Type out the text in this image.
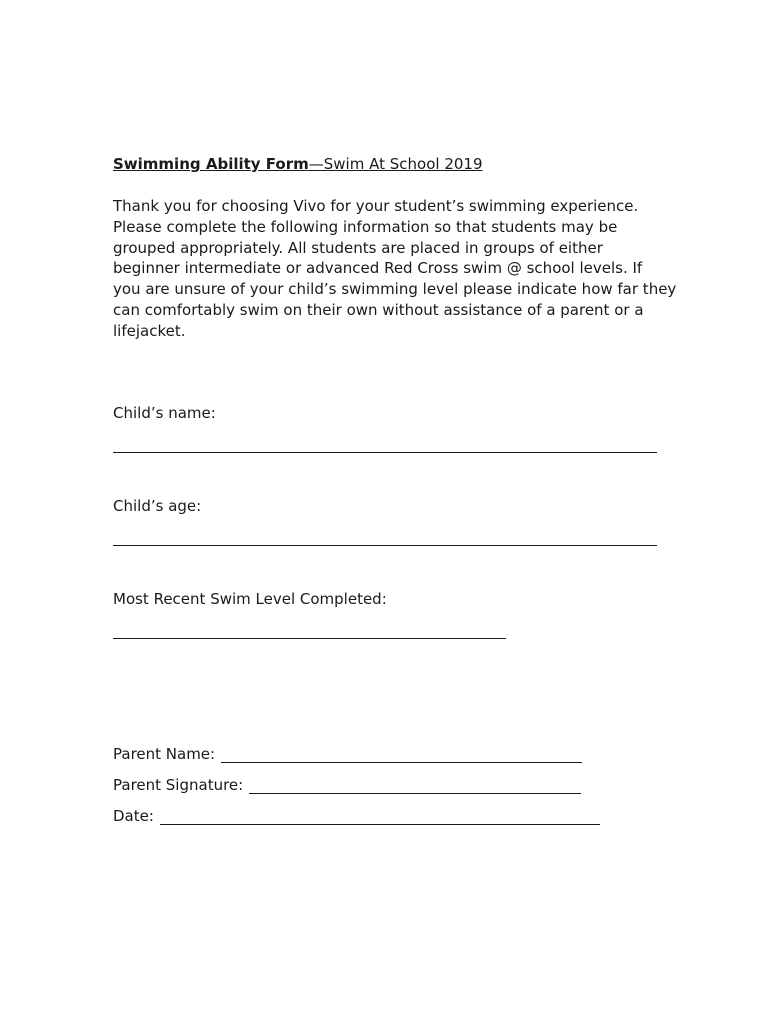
Swimming Ability Form—Swim At School 2019
Thank you for choosing Vivo for your student’s swimming experience.
Please complete the following information so that students may be
grouped appropriately. All students are placed in groups of either
beginner intermediate or advanced Red Cross swim @ school levels. If
you are unsure of your child’s swimming level please indicate how far they
can comfortably swim on their own without assistance of a parent or a
lifejacket.
Child’s name:
Child’s age:
Most Recent Swim Level Completed:
Parent Name:
Parent Signature:
Date:
